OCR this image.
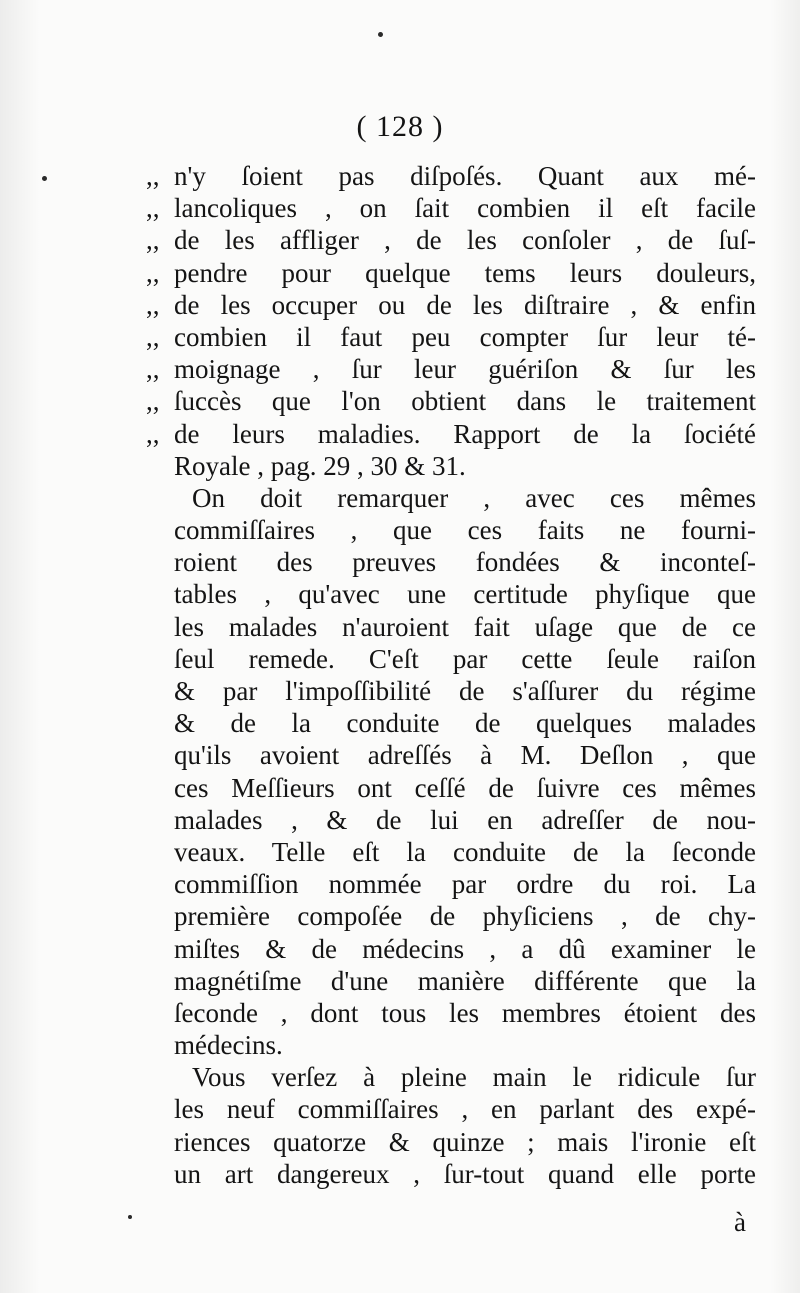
( 128 )
,, n'y ſoient pas diſpoſés. Quant aux mé-
,, lancoliques , on ſait combien il eſt facile
,, de les affliger , de les conſoler , de ſuſ-
,, pendre pour quelque tems leurs douleurs,
,, de les occuper ou de les diſtraire , & enfin
,, combien il faut peu compter ſur leur té-
,, moignage , ſur leur guériſon & ſur les
,, ſuccès que l'on obtient dans le traitement
,, de leurs maladies. Rapport de la ſociété
Royale , pag. 29 , 30 & 31.
On doit remarquer , avec ces mêmes
commiſſaires , que ces faits ne fourni-
roient des preuves fondées & inconteſ-
tables , qu'avec une certitude phyſique que
les malades n'auroient fait uſage que de ce
ſeul remede. C'eſt par cette ſeule raiſon
& par l'impoſſibilité de s'aſſurer du régime
& de la conduite de quelques malades
qu'ils avoient adreſſés à M. Deſlon , que
ces Meſſieurs ont ceſſé de ſuivre ces mêmes
malades , & de lui en adreſſer de nou-
veaux. Telle eſt la conduite de la ſeconde
commiſſion nommée par ordre du roi. La
première compoſée de phyſiciens , de chy-
miſtes & de médecins , a dû examiner le
magnétiſme d'une manière différente que la
ſeconde , dont tous les membres étoient des
médecins.
Vous verſez à pleine main le ridicule ſur
les neuf commiſſaires , en parlant des expé-
riences quatorze & quinze ; mais l'ironie eſt
un art dangereux , ſur-tout quand elle porte
à
